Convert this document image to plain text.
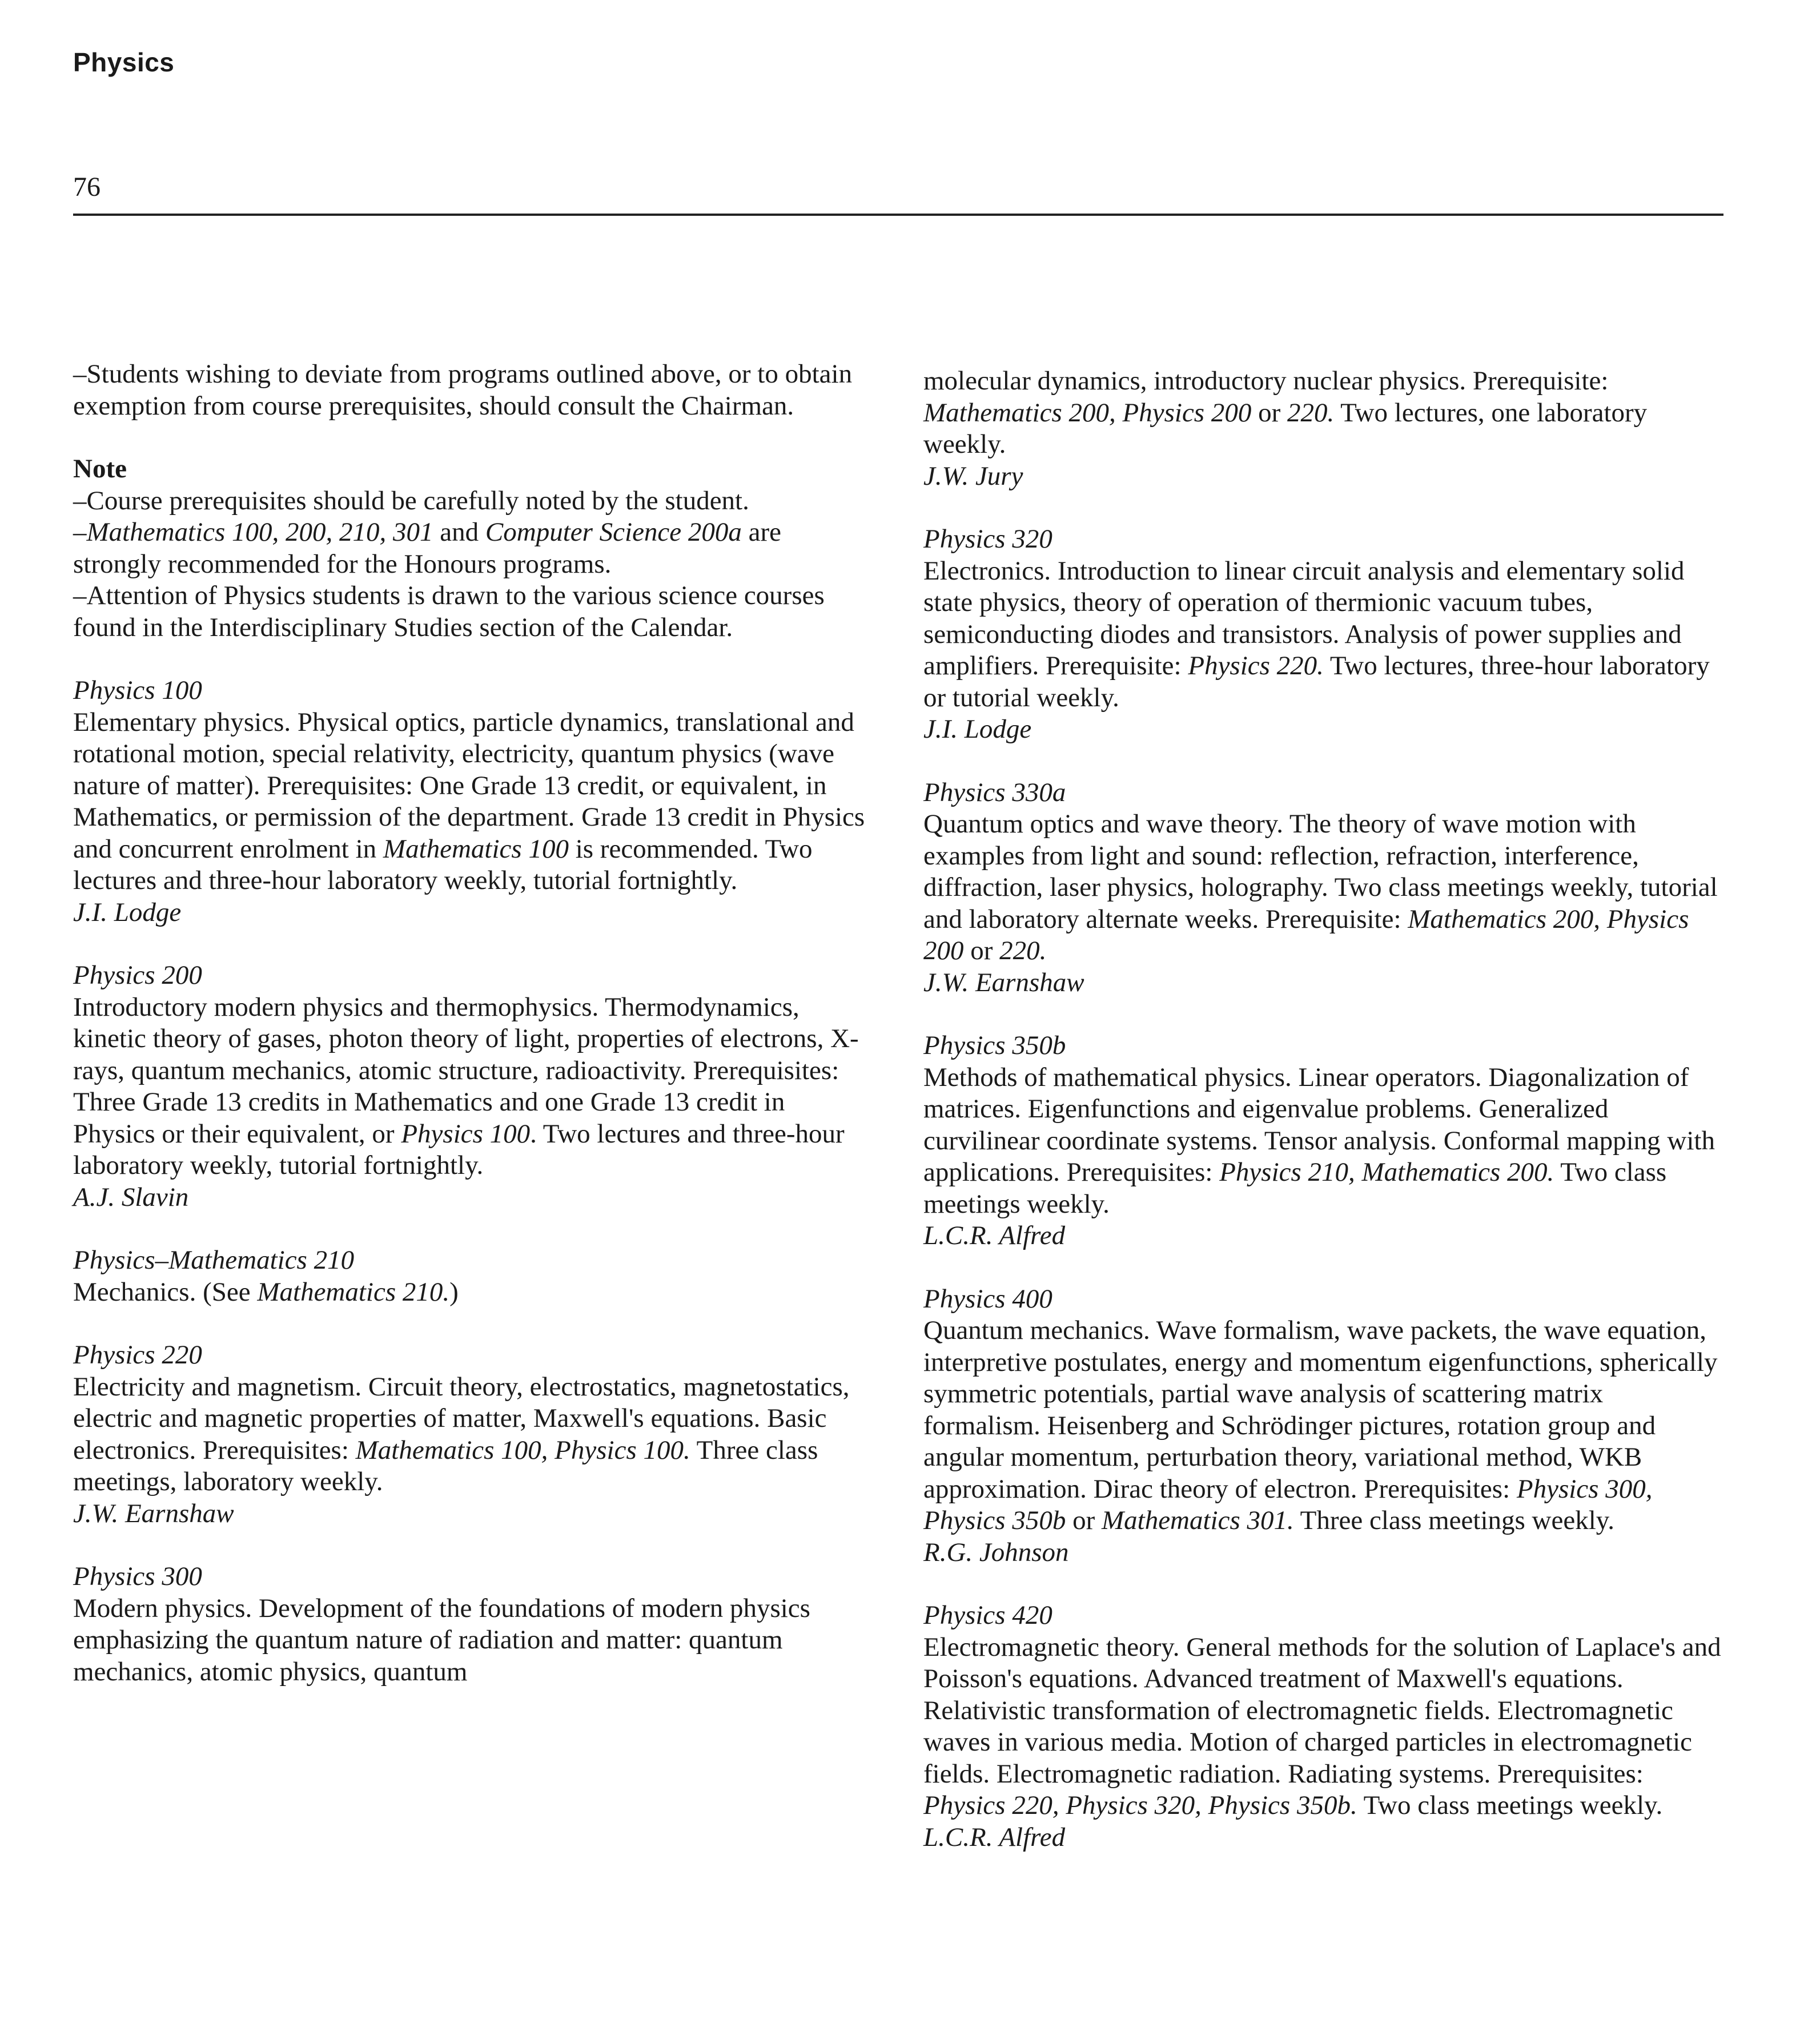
Physics
76

–Students wishing to deviate from programs outlined above, or to obtain exemption from course prerequisites, should consult the Chairman.

Note

–Course prerequisites should be carefully noted by the student.

–Mathematics 100, 200, 210, 301 and Computer Science 200a are strongly recommended for the Honours programs.

–Attention of Physics students is drawn to the various science courses found in the Interdisciplinary Studies section of the Calendar.

Physics 100

Elementary physics. Physical optics, particle dynamics, translational and rotational motion, special relativity, electricity, quantum physics (wave nature of matter). Prerequisites: One Grade 13 credit, or equivalent, in Mathematics, or permission of the department. Grade 13 credit in Physics and concurrent enrolment in Mathematics 100 is recommended. Two lectures and three-hour laboratory weekly, tutorial fortnightly.

J.I. Lodge
Physics 200

Introductory modern physics and thermophysics. Thermodynamics, kinetic theory of gases, photon theory of light, properties of electrons, X-rays, quantum mechanics, atomic structure, radioactivity. Prerequisites: Three Grade 13 credits in Mathematics and one Grade 13 credit in Physics or their equivalent, or Physics 100. Two lectures and three-hour laboratory weekly, tutorial fortnightly.

A.J. Slavin
Physics–Mathematics 210

Mechanics. (See Mathematics 210.)

Physics 220

Electricity and magnetism. Circuit theory, electrostatics, magnetostatics, electric and magnetic properties of matter, Maxwell's equations. Basic electronics. Prerequisites: Mathematics 100, Physics 100. Three class meetings, laboratory weekly.

J.W. Earnshaw
Physics 300

Modern physics. Development of the foundations of modern physics emphasizing the quantum nature of radiation and matter: quantum mechanics, atomic physics, quantum

molecular dynamics, introductory nuclear physics. Prerequisite: Mathematics 200, Physics 200 or 220. Two lectures, one laboratory weekly.

J.W. Jury
Physics 320

Electronics. Introduction to linear circuit analysis and elementary solid state physics, theory of operation of thermionic vacuum tubes, semiconducting diodes and transistors. Analysis of power supplies and amplifiers. Prerequisite: Physics 220. Two lectures, three-hour laboratory or tutorial weekly.

J.I. Lodge
Physics 330a

Quantum optics and wave theory. The theory of wave motion with examples from light and sound: reflection, refraction, interference, diffraction, laser physics, holography. Two class meetings weekly, tutorial and laboratory alternate weeks. Prerequisite: Mathematics 200, Physics 200 or 220.

J.W. Earnshaw
Physics 350b

Methods of mathematical physics. Linear operators. Diagonalization of matrices. Eigenfunctions and eigenvalue problems. Generalized curvilinear coordinate systems. Tensor analysis. Conformal mapping with applications. Prerequisites: Physics 210, Mathematics 200. Two class meetings weekly.

L.C.R. Alfred
Physics 400

Quantum mechanics. Wave formalism, wave packets, the wave equation, interpretive postulates, energy and momentum eigenfunctions, spherically symmetric potentials, partial wave analysis of scattering matrix formalism. Heisenberg and Schrödinger pictures, rotation group and angular momentum, perturbation theory, variational method, WKB approximation. Dirac theory of electron. Prerequisites: Physics 300, Physics 350b or Mathematics 301. Three class meetings weekly.

R.G. Johnson
Physics 420

Electromagnetic theory. General methods for the solution of Laplace's and Poisson's equations. Advanced treatment of Maxwell's equations. Relativistic transformation of electromagnetic fields. Electromagnetic waves in various media. Motion of charged particles in electromagnetic fields. Electromagnetic radiation. Radiating systems. Prerequisites: Physics 220, Physics 320, Physics 350b. Two class meetings weekly.

L.C.R. Alfred
